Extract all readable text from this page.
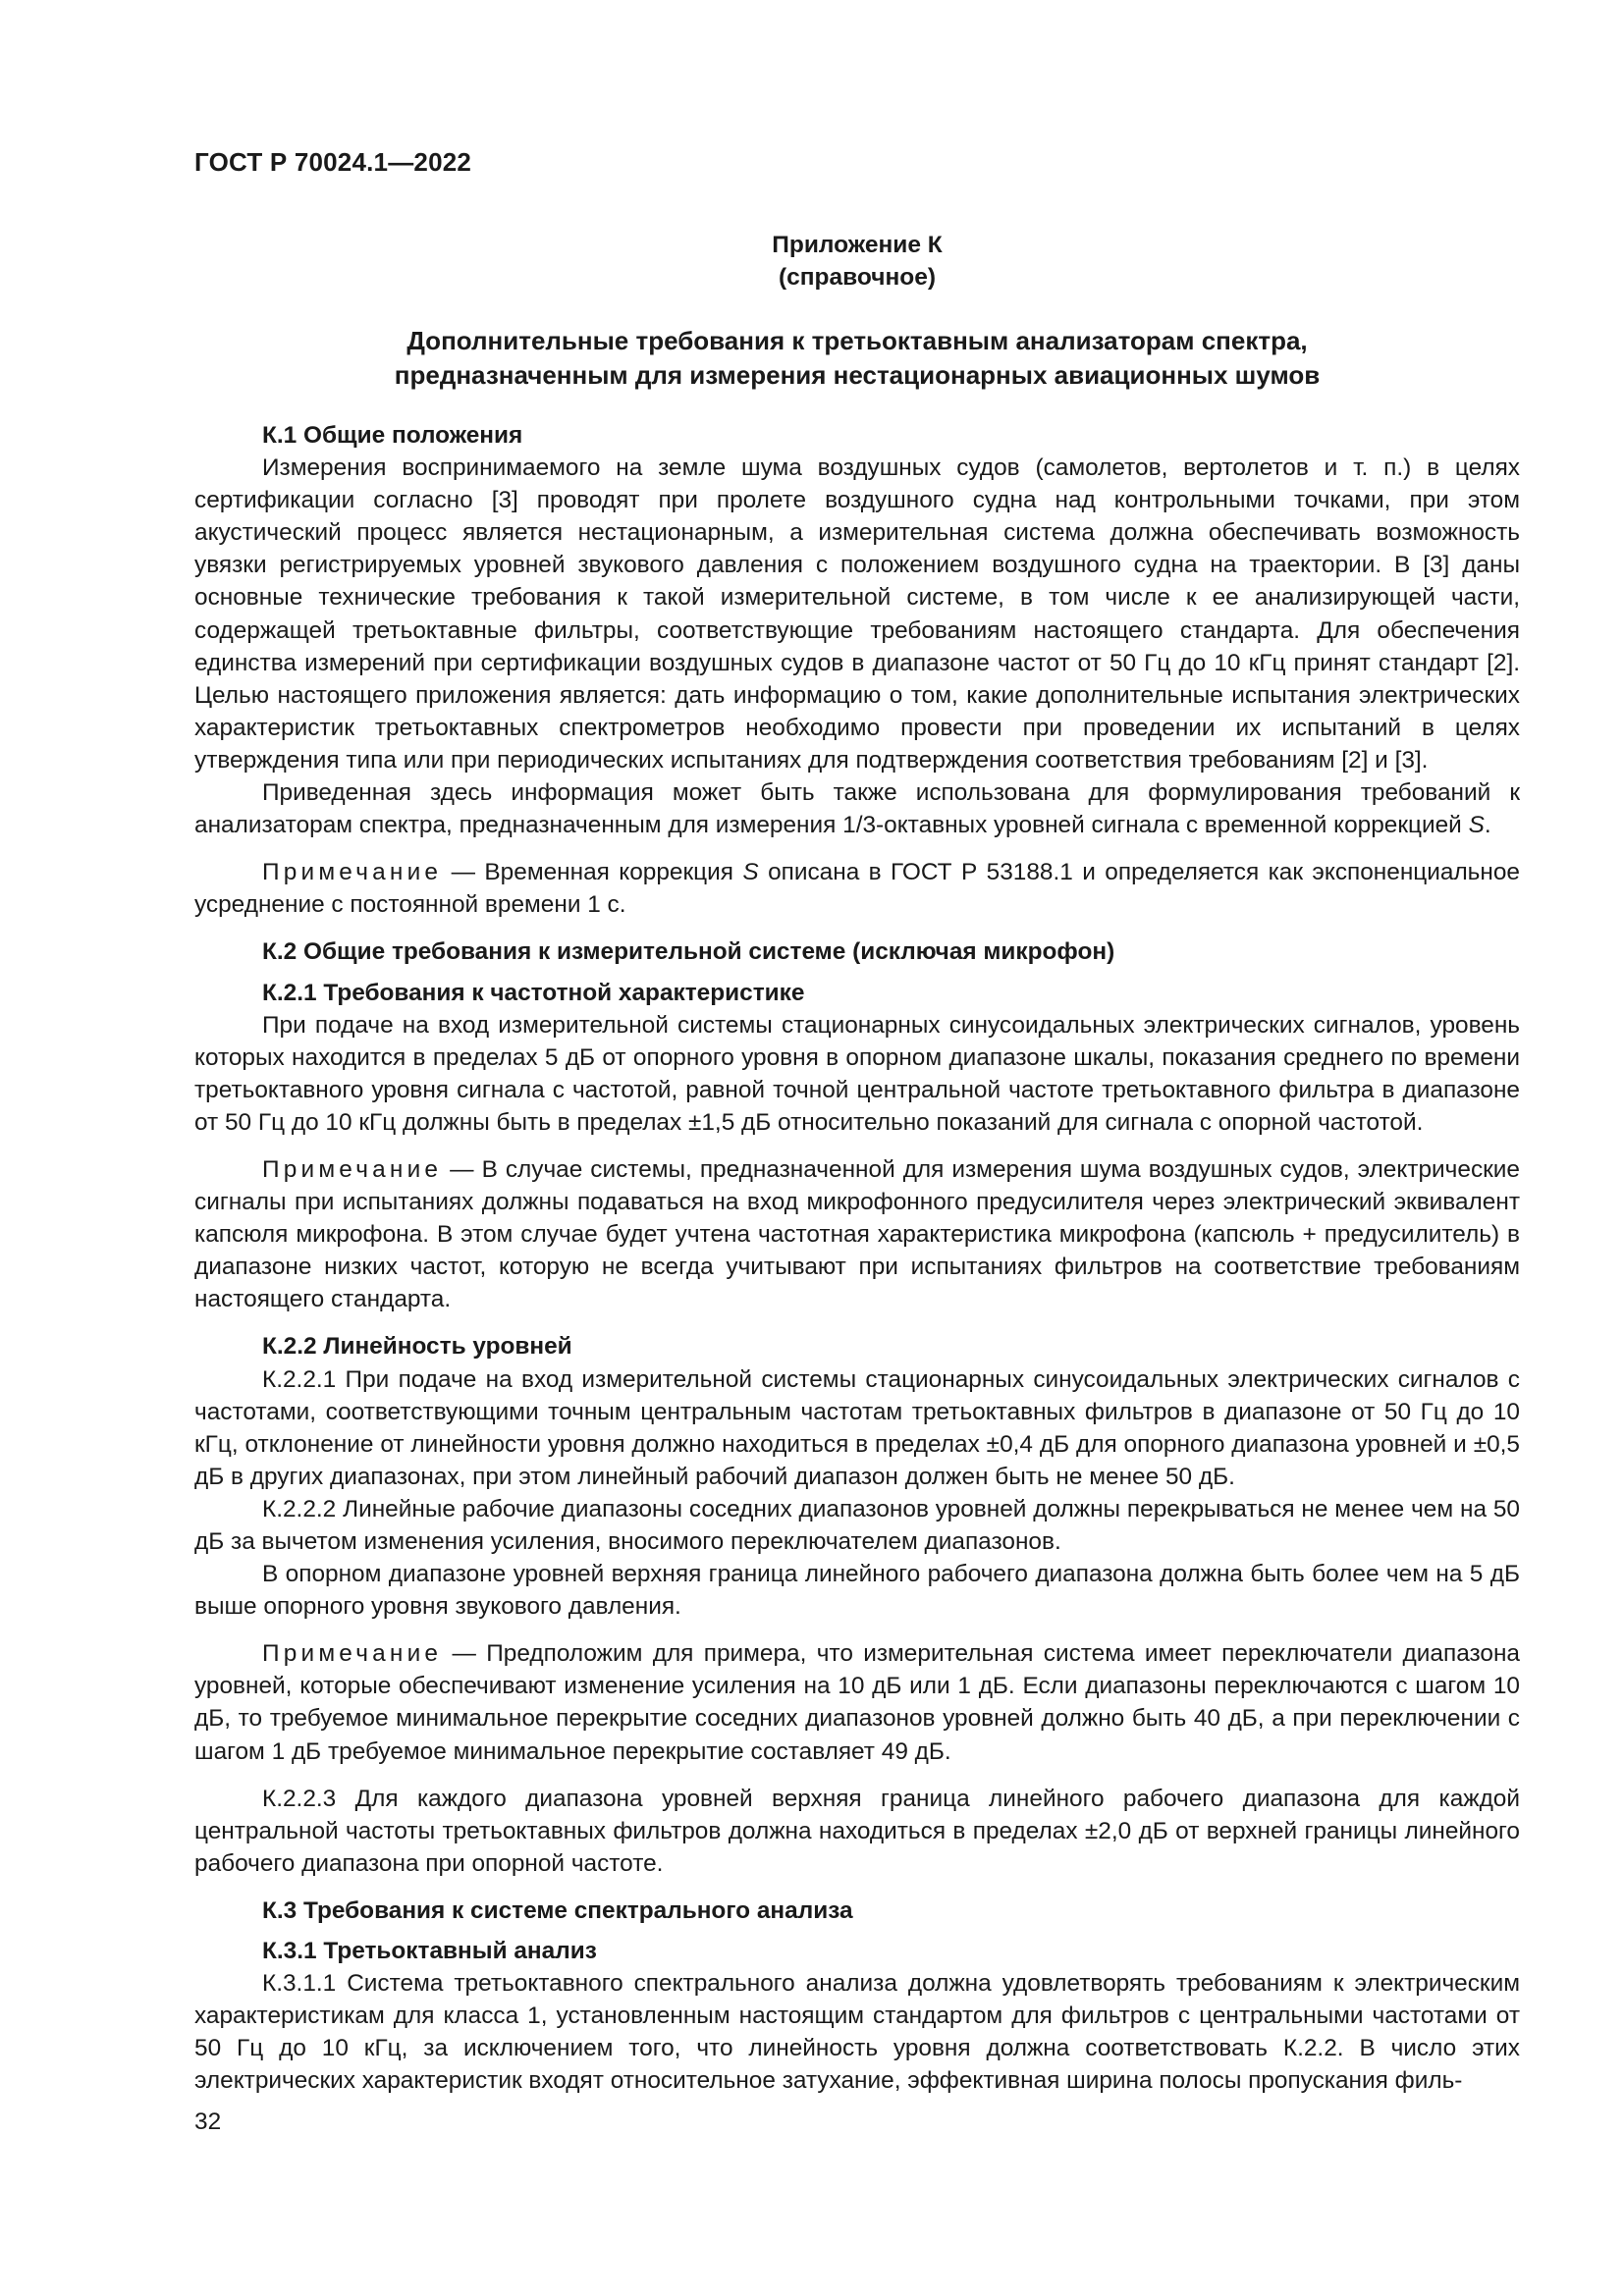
ГОСТ Р 70024.1—2022
Приложение К
(справочное)
Дополнительные требования к третьоктавным анализаторам спектра,
предназначенным для измерения нестационарных авиационных шумов

К.1 Общие положения

Измерения воспринимаемого на земле шума воздушных судов (самолетов, вертолетов и т. п.) в целях сертификации согласно [3] проводят при пролете воздушного судна над контрольными точками, при этом акустический процесс является нестационарным, а измерительная система должна обеспечивать возможность увязки регистрируемых уровней звукового давления с положением воздушного судна на траектории. В [3] даны основные технические требования к такой измерительной системе, в том числе к ее анализирующей части, содержащей третьоктавные фильтры, соответствующие требованиям настоящего стандарта. Для обеспечения единства измерений при сертификации воздушных судов в диапазоне частот от 50 Гц до 10 кГц принят стандарт [2]. Целью настоящего приложения является: дать информацию о том, какие дополнительные испытания электрических характеристик третьоктавных спектрометров необходимо провести при проведении их испытаний в целях утверждения типа или при периодических испытаниях для подтверждения соответствия требованиям [2] и [3].

Приведенная здесь информация может быть также использована для формулирования требований к анализаторам спектра, предназначенным для измерения 1/3-октавных уровней сигнала с временной коррекцией S.

Примечание — Временная коррекция S описана в ГОСТ Р 53188.1 и определяется как экспоненциальное усреднение с постоянной времени 1 с.

К.2 Общие требования к измерительной системе (исключая микрофон)

К.2.1 Требования к частотной характеристике

При подаче на вход измерительной системы стационарных синусоидальных электрических сигналов, уровень которых находится в пределах 5 дБ от опорного уровня в опорном диапазоне шкалы, показания среднего по времени третьоктавного уровня сигнала с частотой, равной точной центральной частоте третьоктавного фильтра в диапазоне от 50 Гц до 10 кГц должны быть в пределах ±1,5 дБ относительно показаний для сигнала с опорной частотой.

Примечание — В случае системы, предназначенной для измерения шума воздушных судов, электрические сигналы при испытаниях должны подаваться на вход микрофонного предусилителя через электрический эквивалент капсюля микрофона. В этом случае будет учтена частотная характеристика микрофона (капсюль + предусилитель) в диапазоне низких частот, которую не всегда учитывают при испытаниях фильтров на соответствие требованиям настоящего стандарта.

К.2.2 Линейность уровней

К.2.2.1 При подаче на вход измерительной системы стационарных синусоидальных электрических сигналов с частотами, соответствующими точным центральным частотам третьоктавных фильтров в диапазоне от 50 Гц до 10 кГц, отклонение от линейности уровня должно находиться в пределах ±0,4 дБ для опорного диапазона уровней и ±0,5 дБ в других диапазонах, при этом линейный рабочий диапазон должен быть не менее 50 дБ.

К.2.2.2 Линейные рабочие диапазоны соседних диапазонов уровней должны перекрываться не менее чем на 50 дБ за вычетом изменения усиления, вносимого переключателем диапазонов.

В опорном диапазоне уровней верхняя граница линейного рабочего диапазона должна быть более чем на 5 дБ выше опорного уровня звукового давления.

Примечание — Предположим для примера, что измерительная система имеет переключатели диапазона уровней, которые обеспечивают изменение усиления на 10 дБ или 1 дБ. Если диапазоны переключаются с шагом 10 дБ, то требуемое минимальное перекрытие соседних диапазонов уровней должно быть 40 дБ, а при переключении с шагом 1 дБ требуемое минимальное перекрытие составляет 49 дБ.

К.2.2.3 Для каждого диапазона уровней верхняя граница линейного рабочего диапазона для каждой центральной частоты третьоктавных фильтров должна находиться в пределах ±2,0 дБ от верхней границы линейного рабочего диапазона при опорной частоте.

К.3 Требования к системе спектрального анализа

К.3.1 Третьоктавный анализ

К.3.1.1 Система третьоктавного спектрального анализа должна удовлетворять требованиям к электрическим характеристикам для класса 1, установленным настоящим стандартом для фильтров с центральными частотами от 50 Гц до 10 кГц, за исключением того, что линейность уровня должна соответствовать К.2.2. В число этих электрических характеристик входят относительное затухание, эффективная ширина полосы пропускания филь-

32
